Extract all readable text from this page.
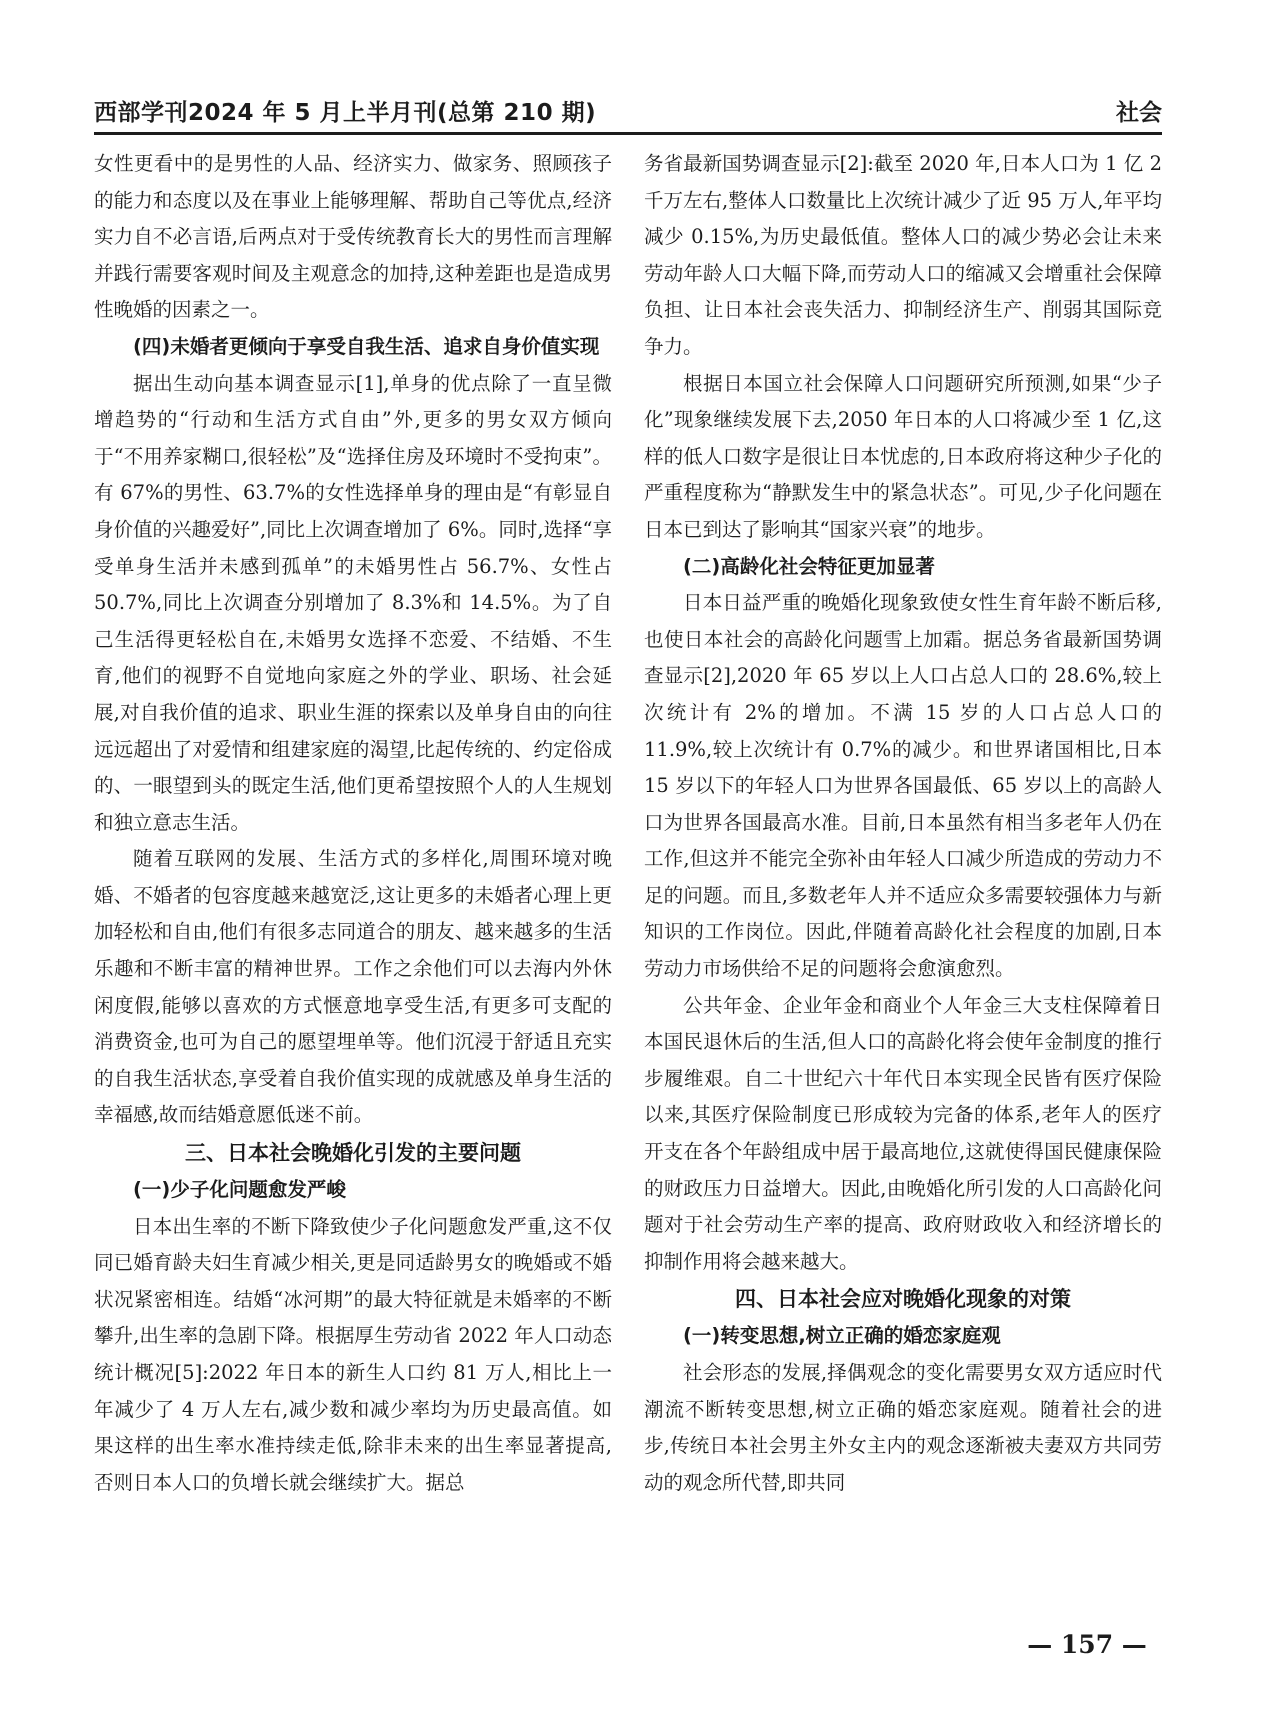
西部学刊2024 年 5 月上半月刊(总第 210 期)	社会

女性更看中的是男性的人品、经济实力、做家务、照顾孩子的能力和态度以及在事业上能够理解、帮助自己等优点,经济实力自不必言语,后两点对于受传统教育长大的男性而言理解并践行需要客观时间及主观意念的加持,这种差距也是造成男性晚婚的因素之一。

(四)未婚者更倾向于享受自我生活、追求自身价值实现

据出生动向基本调查显示[1],单身的优点除了一直呈微增趋势的“行动和生活方式自由”外,更多的男女双方倾向于“不用养家糊口,很轻松”及“选择住房及环境时不受拘束”。有 67%的男性、63.7%的女性选择单身的理由是“有彰显自身价值的兴趣爱好”,同比上次调查增加了 6%。同时,选择“享受单身生活并未感到孤单”的未婚男性占 56.7%、女性占 50.7%,同比上次调查分别增加了 8.3%和 14.5%。为了自己生活得更轻松自在,未婚男女选择不恋爱、不结婚、不生育,他们的视野不自觉地向家庭之外的学业、职场、社会延展,对自我价值的追求、职业生涯的探索以及单身自由的向往远远超出了对爱情和组建家庭的渴望,比起传统的、约定俗成的、一眼望到头的既定生活,他们更希望按照个人的人生规划和独立意志生活。

随着互联网的发展、生活方式的多样化,周围环境对晚婚、不婚者的包容度越来越宽泛,这让更多的未婚者心理上更加轻松和自由,他们有很多志同道合的朋友、越来越多的生活乐趣和不断丰富的精神世界。工作之余他们可以去海内外休闲度假,能够以喜欢的方式惬意地享受生活,有更多可支配的消费资金,也可为自己的愿望埋单等。他们沉浸于舒适且充实的自我生活状态,享受着自我价值实现的成就感及单身生活的幸福感,故而结婚意愿低迷不前。

三、日本社会晚婚化引发的主要问题
(一)少子化问题愈发严峻

日本出生率的不断下降致使少子化问题愈发严重,这不仅同已婚育龄夫妇生育减少相关,更是同适龄男女的晚婚或不婚状况紧密相连。结婚“冰河期”的最大特征就是未婚率的不断攀升,出生率的急剧下降。根据厚生劳动省 2022 年人口动态统计概况[5]:2022 年日本的新生人口约 81 万人,相比上一年减少了 4 万人左右,减少数和减少率均为历史最高值。如果这样的出生率水准持续走低,除非未来的出生率显著提高,否则日本人口的负增长就会继续扩大。据总

务省最新国势调查显示[2]:截至 2020 年,日本人口为 1 亿 2 千万左右,整体人口数量比上次统计减少了近 95 万人,年平均减少 0.15%,为历史最低值。整体人口的减少势必会让未来劳动年龄人口大幅下降,而劳动人口的缩减又会增重社会保障负担、让日本社会丧失活力、抑制经济生产、削弱其国际竞争力。

根据日本国立社会保障人口问题研究所预测,如果“少子化”现象继续发展下去,2050 年日本的人口将减少至 1 亿,这样的低人口数字是很让日本忧虑的,日本政府将这种少子化的严重程度称为“静默发生中的紧急状态”。可见,少子化问题在日本已到达了影响其“国家兴衰”的地步。

(二)高龄化社会特征更加显著

日本日益严重的晚婚化现象致使女性生育年龄不断后移,也使日本社会的高龄化问题雪上加霜。据总务省最新国势调查显示[2],2020 年 65 岁以上人口占总人口的 28.6%,较上次统计有 2%的增加。不满 15 岁的人口占总人口的 11.9%,较上次统计有 0.7%的减少。和世界诸国相比,日本 15 岁以下的年轻人口为世界各国最低、65 岁以上的高龄人口为世界各国最高水准。目前,日本虽然有相当多老年人仍在工作,但这并不能完全弥补由年轻人口减少所造成的劳动力不足的问题。而且,多数老年人并不适应众多需要较强体力与新知识的工作岗位。因此,伴随着高龄化社会程度的加剧,日本劳动力市场供给不足的问题将会愈演愈烈。

公共年金、企业年金和商业个人年金三大支柱保障着日本国民退休后的生活,但人口的高龄化将会使年金制度的推行步履维艰。自二十世纪六十年代日本实现全民皆有医疗保险以来,其医疗保险制度已形成较为完备的体系,老年人的医疗开支在各个年龄组成中居于最高地位,这就使得国民健康保险的财政压力日益增大。因此,由晚婚化所引发的人口高龄化问题对于社会劳动生产率的提高、政府财政收入和经济增长的抑制作用将会越来越大。

四、日本社会应对晚婚化现象的对策
(一)转变思想,树立正确的婚恋家庭观

社会形态的发展,择偶观念的变化需要男女双方适应时代潮流不断转变思想,树立正确的婚恋家庭观。随着社会的进步,传统日本社会男主外女主内的观念逐渐被夫妻双方共同劳动的观念所代替,即共同

— 157 —
